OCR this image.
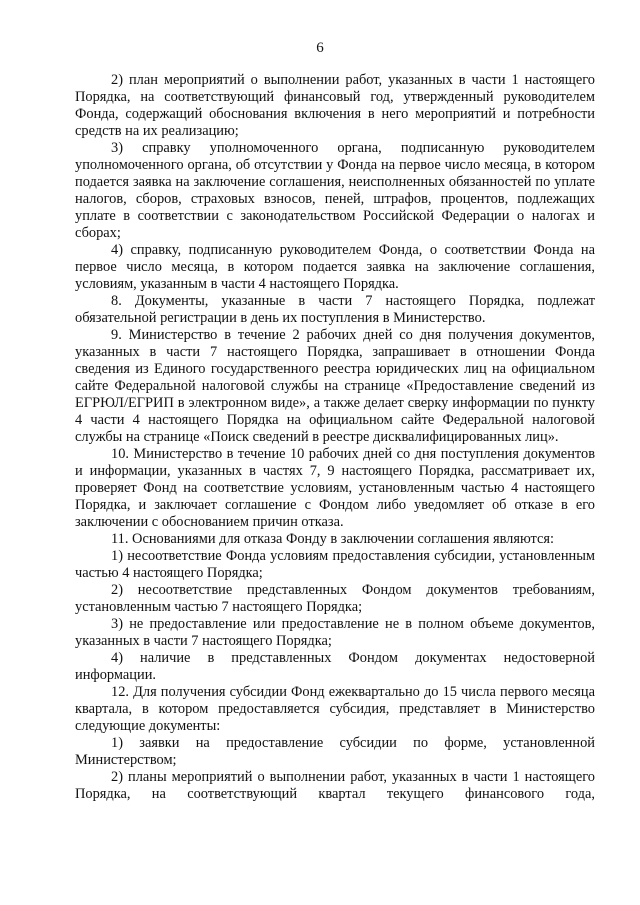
6

2) план мероприятий о выполнении работ, указанных в части 1 настоящего Порядка, на соответствующий финансовый год, утвержденный руководителем Фонда, содержащий обоснования включения в него мероприятий и потребности средств на их реализацию;

3) справку уполномоченного органа, подписанную руководителем уполномоченного органа, об отсутствии у Фонда на первое число месяца, в котором подается заявка на заключение соглашения, неисполненных обязанностей по уплате налогов, сборов, страховых взносов, пеней, штрафов, процентов, подлежащих уплате в соответствии с законодательством Российской Федерации о налогах и сборах;

4) справку, подписанную руководителем Фонда, о соответствии Фонда на первое число месяца, в котором подается заявка на заключение соглашения, условиям, указанным в части 4 настоящего Порядка.

8. Документы, указанные в части 7 настоящего Порядка, подлежат обязательной регистрации в день их поступления в Министерство.

9. Министерство в течение 2 рабочих дней со дня получения документов, указанных в части 7 настоящего Порядка, запрашивает в отношении Фонда сведения из Единого государственного реестра юридических лиц на официальном сайте Федеральной налоговой службы на странице «Предоставление сведений из ЕГРЮЛ/ЕГРИП в электронном виде», а также делает сверку информации по пункту 4 части 4 настоящего Порядка на официальном сайте Федеральной налоговой службы на странице «Поиск сведений в реестре дисквалифицированных лиц».

10. Министерство в течение 10 рабочих дней со дня поступления документов и информации, указанных в частях 7, 9 настоящего Порядка, рассматривает их, проверяет Фонд на соответствие условиям, установленным частью 4 настоящего Порядка, и заключает соглашение с Фондом либо уведомляет об отказе в его заключении с обоснованием причин отказа.

11. Основаниями для отказа Фонду в заключении соглашения являются:

1) несоответствие Фонда условиям предоставления субсидии, установленным частью 4 настоящего Порядка;

2) несоответствие представленных Фондом документов требованиям, установленным частью 7 настоящего Порядка;

3) не предоставление или предоставление не в полном объеме документов, указанных в части 7 настоящего Порядка;

4) наличие в представленных Фондом документах недостоверной информации.

12. Для получения субсидии Фонд ежеквартально до 15 числа первого месяца квартала, в котором предоставляется субсидия, представляет в Министерство следующие документы:

1) заявки на предоставление субсидии по форме, установленной Министерством;

2) планы мероприятий о выполнении работ, указанных в части 1 настоящего Порядка, на соответствующий квартал текущего финансового года,
